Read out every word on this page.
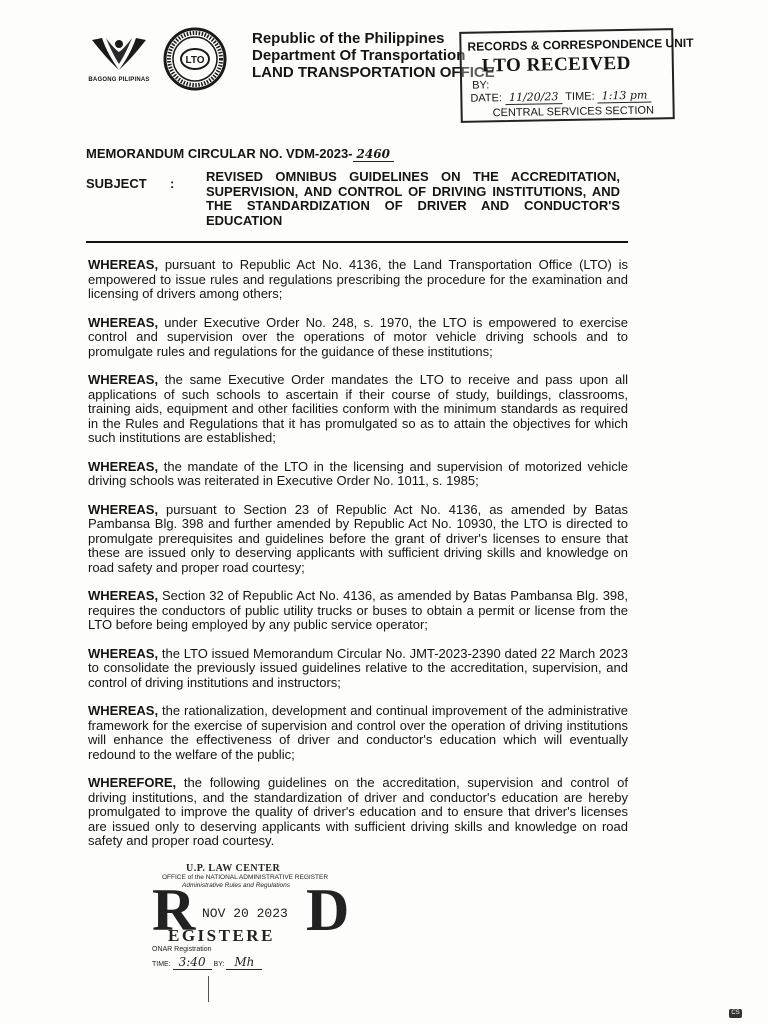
BAGONG PILIPINAS
LTO
Republic of the Philippines
Department Of Transportation
LAND TRANSPORTATION OFFICE
RECORDS & CORRESPONDENCE UNIT
LTO RECEIVED
BY:
DATE: 11/20/23 TIME: 1:13 pm
CENTRAL SERVICES SECTION
MEMORANDUM CIRCULAR NO. VDM-2023- 2460
SUBJECT : REVISED OMNIBUS GUIDELINES ON THE ACCREDITATION, SUPERVISION, AND CONTROL OF DRIVING INSTITUTIONS, AND THE STANDARDIZATION OF DRIVER AND CONDUCTOR'S EDUCATION

WHEREAS, pursuant to Republic Act No. 4136, the Land Transportation Office (LTO) is empowered to issue rules and regulations prescribing the procedure for the examination and licensing of drivers among others;

WHEREAS, under Executive Order No. 248, s. 1970, the LTO is empowered to exercise control and supervision over the operations of motor vehicle driving schools and to promulgate rules and regulations for the guidance of these institutions;

WHEREAS, the same Executive Order mandates the LTO to receive and pass upon all applications of such schools to ascertain if their course of study, buildings, classrooms, training aids, equipment and other facilities conform with the minimum standards as required in the Rules and Regulations that it has promulgated so as to attain the objectives for which such institutions are established;

WHEREAS, the mandate of the LTO in the licensing and supervision of motorized vehicle driving schools was reiterated in Executive Order No. 1011, s. 1985;

WHEREAS, pursuant to Section 23 of Republic Act No. 4136, as amended by Batas Pambansa Blg. 398 and further amended by Republic Act No. 10930, the LTO is directed to promulgate prerequisites and guidelines before the grant of driver's licenses to ensure that these are issued only to deserving applicants with sufficient driving skills and knowledge on road safety and proper road courtesy;

WHEREAS, Section 32 of Republic Act No. 4136, as amended by Batas Pambansa Blg. 398, requires the conductors of public utility trucks or buses to obtain a permit or license from the LTO before being employed by any public service operator;

WHEREAS, the LTO issued Memorandum Circular No. JMT-2023-2390 dated 22 March 2023 to consolidate the previously issued guidelines relative to the accreditation, supervision, and control of driving institutions and instructors;

WHEREAS, the rationalization, development and continual improvement of the administrative framework for the exercise of supervision and control over the operation of driving institutions will enhance the effectiveness of driver and conductor's education which will eventually redound to the welfare of the public;

WHEREFORE, the following guidelines on the accreditation, supervision and control of driving institutions, and the standardization of driver and conductor's education are hereby promulgated to improve the quality of driver's education and to ensure that driver's licenses are issued only to deserving applicants with sufficient driving skills and knowledge on road safety and proper road courtesy.

U.P. LAW CENTER
OFFICE of the NATIONAL ADMINISTRATIVE REGISTER
Administrative Rules and Regulations
R NOV 20 2023
EGISTERE D
ONAR Registration
TIME: 3:40 BY: Mh
CS
